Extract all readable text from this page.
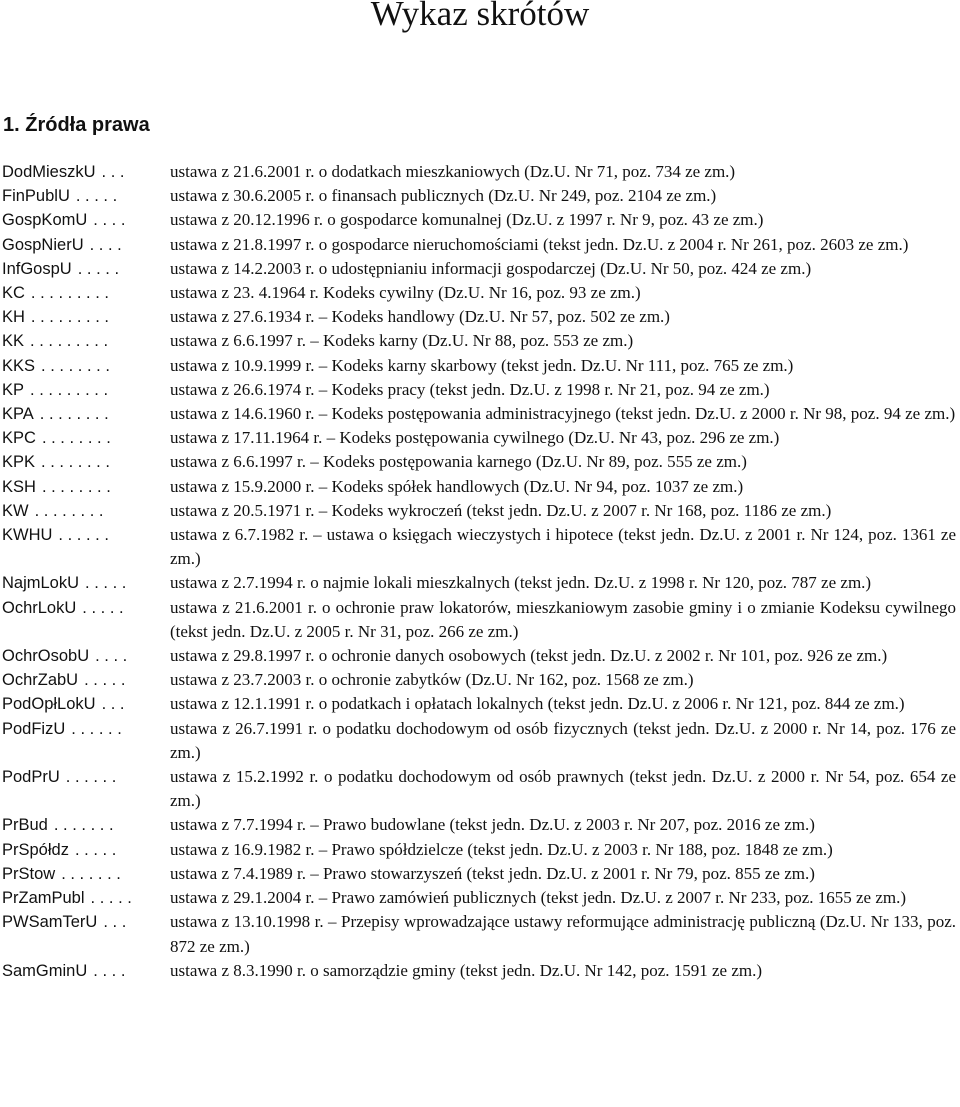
Wykaz skrótów
1. Źródła prawa
DodMieszkU ...	ustawa z 21.6.2001 r. o dodatkach mieszkaniowych (Dz.U. Nr 71, poz. 734 ze zm.)
FinPublU .....	ustawa z 30.6.2005 r. o finansach publicznych (Dz.U. Nr 249, poz. 2104 ze zm.)
GospKomU ....	ustawa z 20.12.1996 r. o gospodarce komunalnej (Dz.U. z 1997 r. Nr 9, poz. 43 ze zm.)
GospNierU ....	ustawa z 21.8.1997 r. o gospodarce nieruchomościami (tekst jedn. Dz.U. z 2004 r. Nr 261, poz. 2603 ze zm.)
InfGospU .....	ustawa z 14.2.2003 r. o udostępnianiu informacji gospodarczej (Dz.U. Nr 50, poz. 424 ze zm.)
KC .........	ustawa z 23. 4.1964 r. Kodeks cywilny (Dz.U. Nr 16, poz. 93 ze zm.)
KH .........	ustawa z 27.6.1934 r. – Kodeks handlowy (Dz.U. Nr 57, poz. 502 ze zm.)
KK .........	ustawa z 6.6.1997 r. – Kodeks karny (Dz.U. Nr 88, poz. 553 ze zm.)
KKS ........	ustawa z 10.9.1999 r. – Kodeks karny skarbowy (tekst jedn. Dz.U. Nr 111, poz. 765 ze zm.)
KP .........	ustawa z 26.6.1974 r. – Kodeks pracy (tekst jedn. Dz.U. z 1998 r. Nr 21, poz. 94 ze zm.)
KPA ........	ustawa z 14.6.1960 r. – Kodeks postępowania administracyjnego (tekst jedn. Dz.U. z 2000 r. Nr 98, poz. 94 ze zm.)
KPC ........	ustawa z 17.11.1964 r. – Kodeks postępowania cywilnego (Dz.U. Nr 43, poz. 296 ze zm.)
KPK ........	ustawa z 6.6.1997 r. – Kodeks postępowania karnego (Dz.U. Nr 89, poz. 555 ze zm.)
KSH ........	ustawa z 15.9.2000 r. – Kodeks spółek handlowych (Dz.U. Nr 94, poz. 1037 ze zm.)
KW ........	ustawa z 20.5.1971 r. – Kodeks wykroczeń (tekst jedn. Dz.U. z 2007 r. Nr 168, poz. 1186 ze zm.)
KWHU ......	ustawa z 6.7.1982 r. – ustawa o księgach wieczystych i hipotece (tekst jedn. Dz.U. z 2001 r. Nr 124, poz. 1361 ze zm.)
NajmLokU .....	ustawa z 2.7.1994 r. o najmie lokali mieszkalnych (tekst jedn. Dz.U. z 1998 r. Nr 120, poz. 787 ze zm.)
OchrLokU .....	ustawa z 21.6.2001 r. o ochronie praw lokatorów, mieszkaniowym zasobie gminy i o zmianie Kodeksu cywilnego (tekst jedn. Dz.U. z 2005 r. Nr 31, poz. 266 ze zm.)
OchrOsobU ....	ustawa z 29.8.1997 r. o ochronie danych osobowych (tekst jedn. Dz.U. z 2002 r. Nr 101, poz. 926 ze zm.)
OchrZabU .....	ustawa z 23.7.2003 r. o ochronie zabytków (Dz.U. Nr 162, poz. 1568 ze zm.)
PodOpłLokU ...	ustawa z 12.1.1991 r. o podatkach i opłatach lokalnych (tekst jedn. Dz.U. z 2006 r. Nr 121, poz. 844 ze zm.)
PodFizU ......	ustawa z 26.7.1991 r. o podatku dochodowym od osób fizycznych (tekst jedn. Dz.U. z 2000 r. Nr 14, poz. 176 ze zm.)
PodPrU ......	ustawa z 15.2.1992 r. o podatku dochodowym od osób prawnych (tekst jedn. Dz.U. z 2000 r. Nr 54, poz. 654 ze zm.)
PrBud .......	ustawa z 7.7.1994 r. – Prawo budowlane (tekst jedn. Dz.U. z 2003 r. Nr 207, poz. 2016 ze zm.)
PrSpółdz .....	ustawa z 16.9.1982 r. – Prawo spółdzielcze (tekst jedn. Dz.U. z 2003 r. Nr 188, poz. 1848 ze zm.)
PrStow .......	ustawa z 7.4.1989 r. – Prawo stowarzyszeń (tekst jedn. Dz.U. z 2001 r. Nr 79, poz. 855 ze zm.)
PrZamPubl .....	ustawa z 29.1.2004 r. – Prawo zamówień publicznych (tekst jedn. Dz.U. z 2007 r. Nr 233, poz. 1655 ze zm.)
PWSamTerU ...	ustawa z 13.10.1998 r. – Przepisy wprowadzające ustawy reformujące administrację publiczną (Dz.U. Nr 133, poz. 872 ze zm.)
SamGminU ....	ustawa z 8.3.1990 r. o samorządzie gminy (tekst jedn. Dz.U. Nr 142, poz. 1591 ze zm.)
